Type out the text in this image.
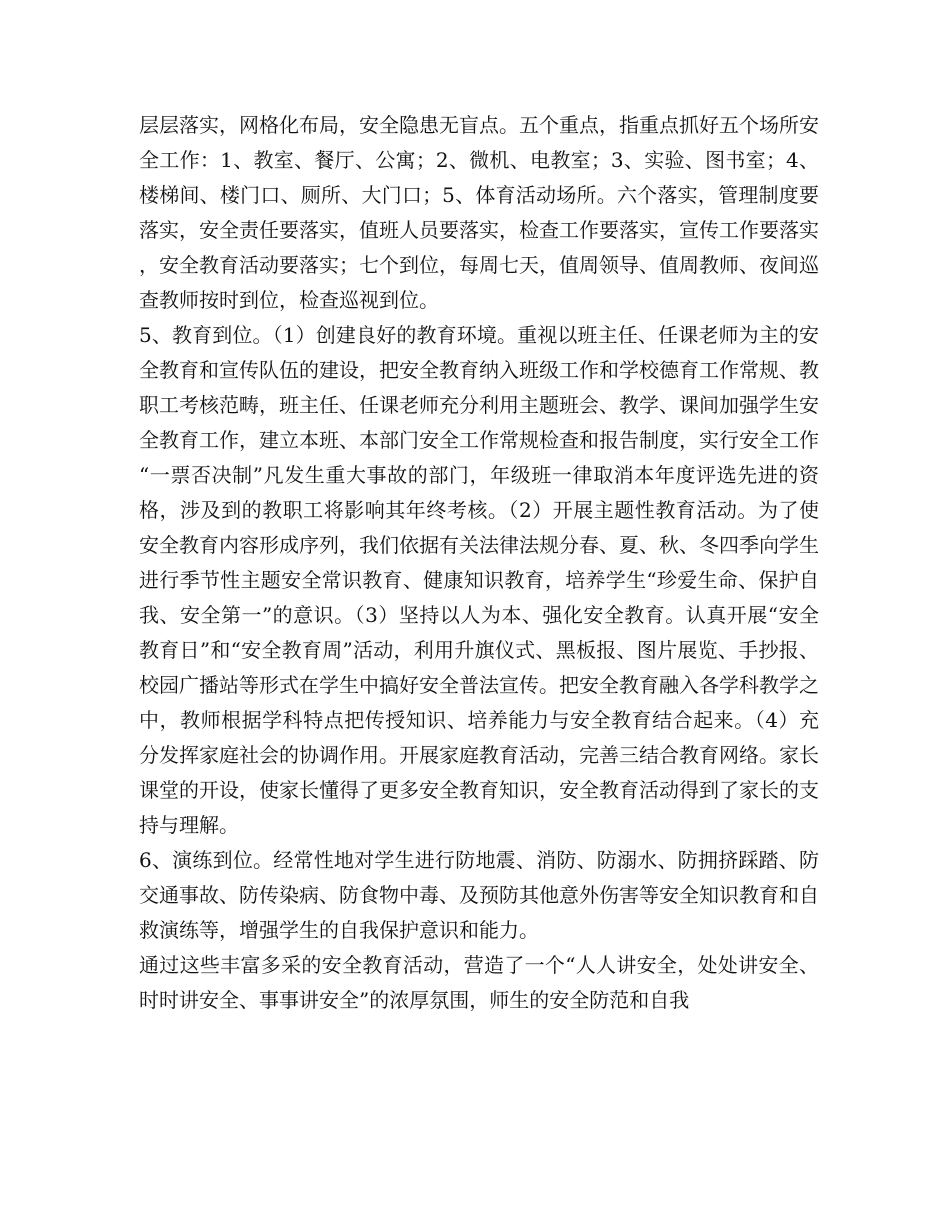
层层落实，网格化布局，安全隐患无盲点。五个重点，指重点抓好五个场所安全工作：1、教室、餐厅、公寓；2、微机、电教室；3、实验、图书室；4、楼梯间、楼门口、厕所、大门口；5、体育活动场所。六个落实，管理制度要落实，安全责任要落实，值班人员要落实，检查工作要落实，宣传工作要落实，安全教育活动要落实；七个到位，每周七天，值周领导、值周教师、夜间巡查教师按时到位，检查巡视到位。

5、教育到位。（1）创建良好的教育环境。重视以班主任、任课老师为主的安全教育和宣传队伍的建设，把安全教育纳入班级工作和学校德育工作常规、教职工考核范畴，班主任、任课老师充分利用主题班会、教学、课间加强学生安全教育工作，建立本班、本部门安全工作常规检查和报告制度，实行安全工作“一票否决制”凡发生重大事故的部门，年级班一律取消本年度评选先进的资格，涉及到的教职工将影响其年终考核。（2）开展主题性教育活动。为了使安全教育内容形成序列，我们依据有关法律法规分春、夏、秋、冬四季向学生进行季节性主题安全常识教育、健康知识教育，培养学生“珍爱生命、保护自我、安全第一”的意识。（3）坚持以人为本、强化安全教育。认真开展“安全教育日”和“安全教育周”活动，利用升旗仪式、黑板报、图片展览、手抄报、校园广播站等形式在学生中搞好安全普法宣传。把安全教育融入各学科教学之中，教师根据学科特点把传授知识、培养能力与安全教育结合起来。（4）充分发挥家庭社会的协调作用。开展家庭教育活动，完善三结合教育网络。家长课堂的开设，使家长懂得了更多安全教育知识，安全教育活动得到了家长的支持与理解。

6、演练到位。经常性地对学生进行防地震、消防、防溺水、防拥挤踩踏、防交通事故、防传染病、防食物中毒、及预防其他意外伤害等安全知识教育和自救演练等，增强学生的自我保护意识和能力。

通过这些丰富多采的安全教育活动，营造了一个“人人讲安全，处处讲安全、时时讲安全、事事讲安全”的浓厚氛围，师生的安全防范和自我
